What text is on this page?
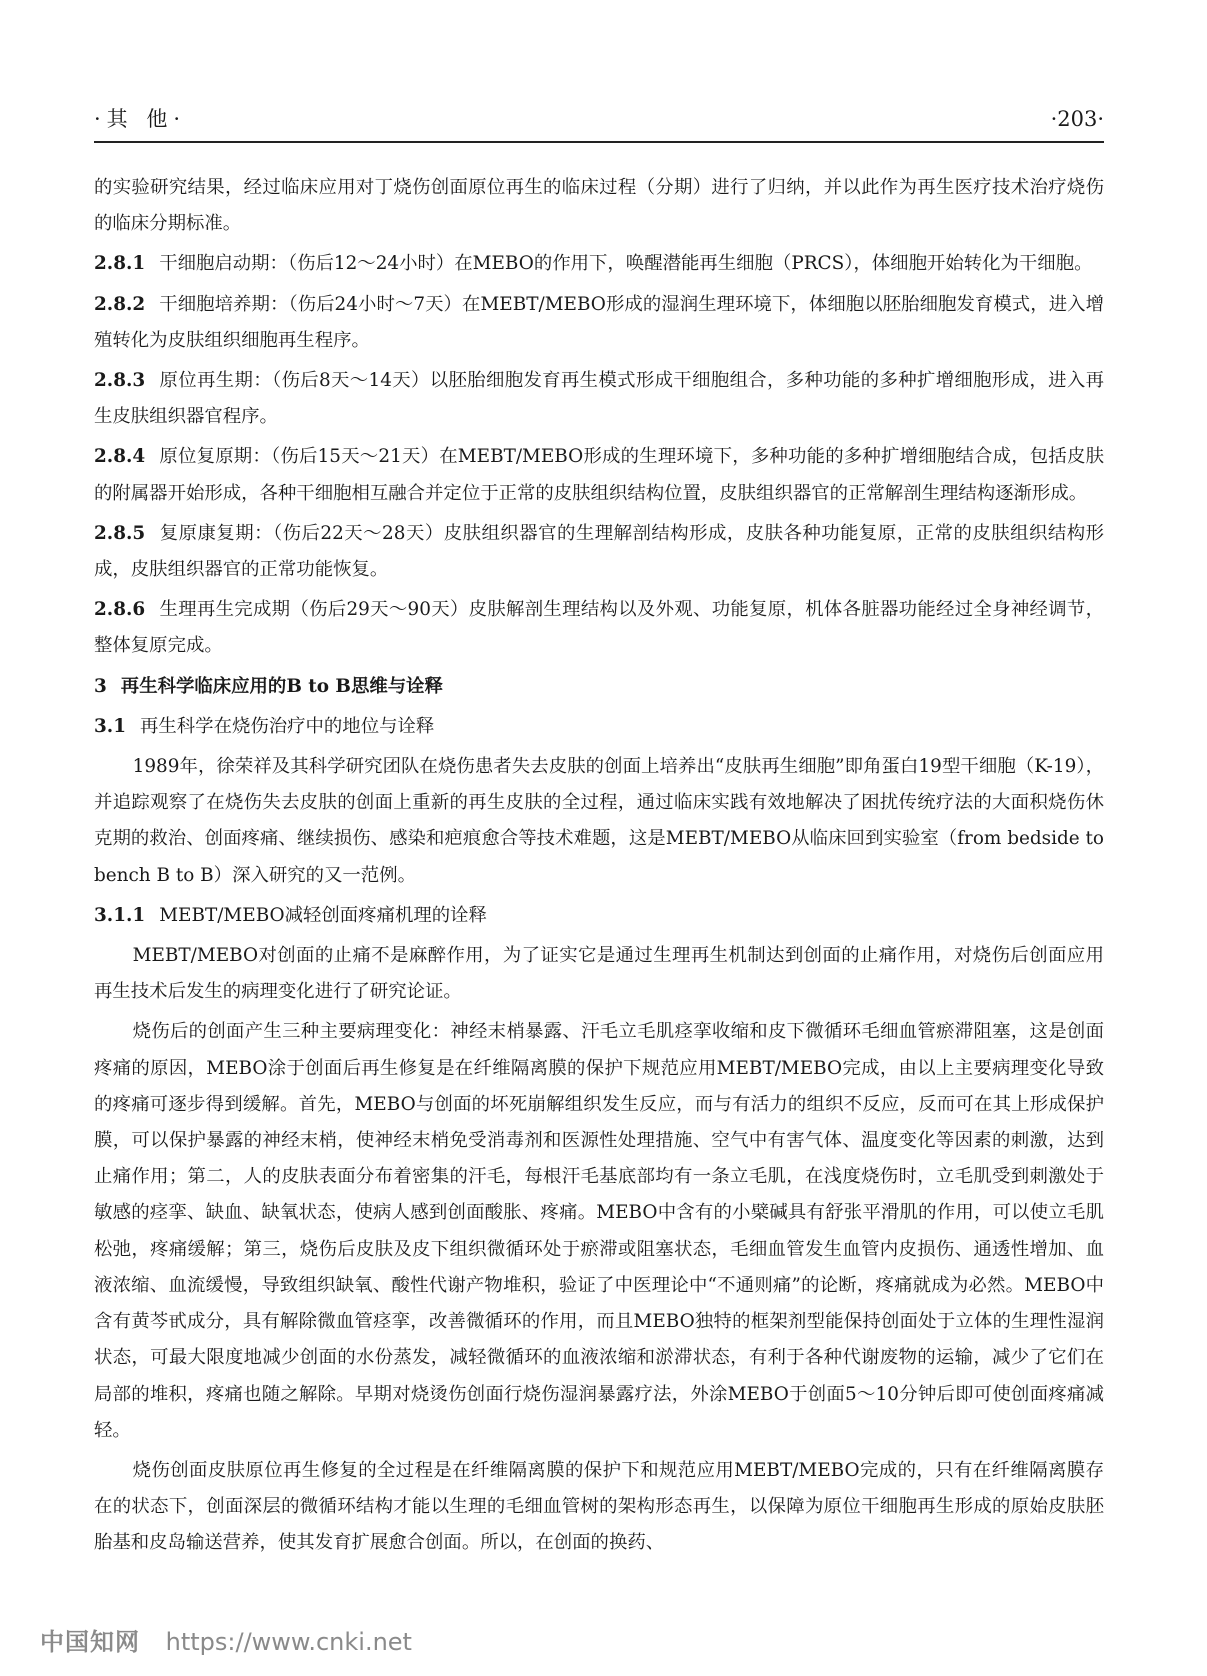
·其 他·	·203·

的实验研究结果，经过临床应用对丁烧伤创面原位再生的临床过程（分期）进行了归纳，并以此作为再生医疗技术治疗烧伤的临床分期标准。

2.8.1 干细胞启动期：（伤后12～24小时）在MEBO的作用下，唤醒潜能再生细胞（PRCS），体细胞开始转化为干细胞。

2.8.2 干细胞培养期：（伤后24小时～7天）在MEBT/MEBO形成的湿润生理环境下，体细胞以胚胎细胞发育模式，进入增殖转化为皮肤组织细胞再生程序。

2.8.3 原位再生期：（伤后8天～14天）以胚胎细胞发育再生模式形成干细胞组合，多种功能的多种扩增细胞形成，进入再生皮肤组织器官程序。

2.8.4 原位复原期：（伤后15天～21天）在MEBT/MEBO形成的生理环境下，多种功能的多种扩增细胞结合成，包括皮肤的附属器开始形成，各种干细胞相互融合并定位于正常的皮肤组织结构位置，皮肤组织器官的正常解剖生理结构逐渐形成。

2.8.5 复原康复期：（伤后22天～28天）皮肤组织器官的生理解剖结构形成，皮肤各种功能复原，正常的皮肤组织结构形成，皮肤组织器官的正常功能恢复。

2.8.6 生理再生完成期（伤后29天～90天）皮肤解剖生理结构以及外观、功能复原，机体各脏器功能经过全身神经调节，整体复原完成。

3 再生科学临床应用的B to B思维与诠释

3.1 再生科学在烧伤治疗中的地位与诠释

1989年，徐荣祥及其科学研究团队在烧伤患者失去皮肤的创面上培养出“皮肤再生细胞”即角蛋白19型干细胞（K-19），并追踪观察了在烧伤失去皮肤的创面上重新的再生皮肤的全过程，通过临床实践有效地解决了困扰传统疗法的大面积烧伤休克期的救治、创面疼痛、继续损伤、感染和疤痕愈合等技术难题，这是MEBT/MEBO从临床回到实验室（from bedside to bench B to B）深入研究的又一范例。

3.1.1 MEBT/MEBO减轻创面疼痛机理的诠释

MEBT/MEBO对创面的止痛不是麻醉作用，为了证实它是通过生理再生机制达到创面的止痛作用，对烧伤后创面应用再生技术后发生的病理变化进行了研究论证。

烧伤后的创面产生三种主要病理变化：神经末梢暴露、汗毛立毛肌痉挛收缩和皮下微循环毛细血管瘀滞阻塞，这是创面疼痛的原因，MEBO涂于创面后再生修复是在纤维隔离膜的保护下规范应用MEBT/MEBO完成，由以上主要病理变化导致的疼痛可逐步得到缓解。首先，MEBO与创面的坏死崩解组织发生反应，而与有活力的组织不反应，反而可在其上形成保护膜，可以保护暴露的神经末梢，使神经末梢免受消毒剂和医源性处理措施、空气中有害气体、温度变化等因素的刺激，达到止痛作用；第二，人的皮肤表面分布着密集的汗毛，每根汗毛基底部均有一条立毛肌，在浅度烧伤时，立毛肌受到刺激处于敏感的痉挛、缺血、缺氧状态，使病人感到创面酸胀、疼痛。MEBO中含有的小檗碱具有舒张平滑肌的作用，可以使立毛肌松弛，疼痛缓解；第三，烧伤后皮肤及皮下组织微循环处于瘀滞或阻塞状态，毛细血管发生血管内皮损伤、通透性增加、血液浓缩、血流缓慢，导致组织缺氧、酸性代谢产物堆积，验证了中医理论中“不通则痛”的论断，疼痛就成为必然。MEBO中含有黄芩甙成分，具有解除微血管痉挛，改善微循环的作用，而且MEBO独特的框架剂型能保持创面处于立体的生理性湿润状态，可最大限度地减少创面的水份蒸发，减轻微循环的血液浓缩和淤滞状态，有利于各种代谢废物的运输，减少了它们在局部的堆积，疼痛也随之解除。早期对烧烫伤创面行烧伤湿润暴露疗法，外涂MEBO于创面5～10分钟后即可使创面疼痛减轻。

烧伤创面皮肤原位再生修复的全过程是在纤维隔离膜的保护下和规范应用MEBT/MEBO完成的，只有在纤维隔离膜存在的状态下，创面深层的微循环结构才能以生理的毛细血管树的架构形态再生，以保障为原位干细胞再生形成的原始皮肤胚胎基和皮岛输送营养，使其发育扩展愈合创面。所以，在创面的换药、

中国知网 https://www.cnki.net
